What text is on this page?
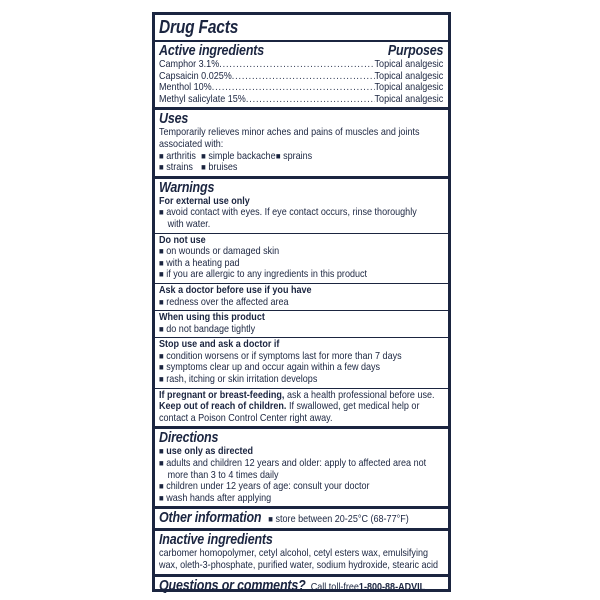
Drug Facts
Active ingredients	Purposes
Camphor 3.1% .....	Topical analgesic
Capsaicin 0.025% .....	Topical analgesic
Menthol 10% .....	Topical analgesic
Methyl salicylate 15% .....	Topical analgesic
Uses
Temporarily relieves minor aches and pains of muscles and joints
associated with:
■ arthritis ■ simple backache ■ sprains
■ strains ■ bruises
Warnings
For external use only
■ avoid contact with eyes. If eye contact occurs, rinse thoroughly
with water.
Do not use
■ on wounds or damaged skin
■ with a heating pad
■ if you are allergic to any ingredients in this product
Ask a doctor before use if you have
■ redness over the affected area
When using this product
■ do not bandage tightly
Stop use and ask a doctor if
■ condition worsens or if symptoms last for more than 7 days
■ symptoms clear up and occur again within a few days
■ rash, itching or skin irritation develops
If pregnant or breast-feeding, ask a health professional before use.
Keep out of reach of children. If swallowed, get medical help or
contact a Poison Control Center right away.
Directions
■ use only as directed
■ adults and children 12 years and older: apply to affected area not
more than 3 to 4 times daily
■ children under 12 years of age: consult your doctor
■ wash hands after applying
Other information	■ store between 20-25°C (68-77°F)
Inactive ingredients
carbomer homopolymer, cetyl alcohol, cetyl esters wax, emulsifying
wax, oleth-3-phosphate, purified water, sodium hydroxide, stearic acid
Questions or comments? Call toll-free 1-800-88-ADVIL
